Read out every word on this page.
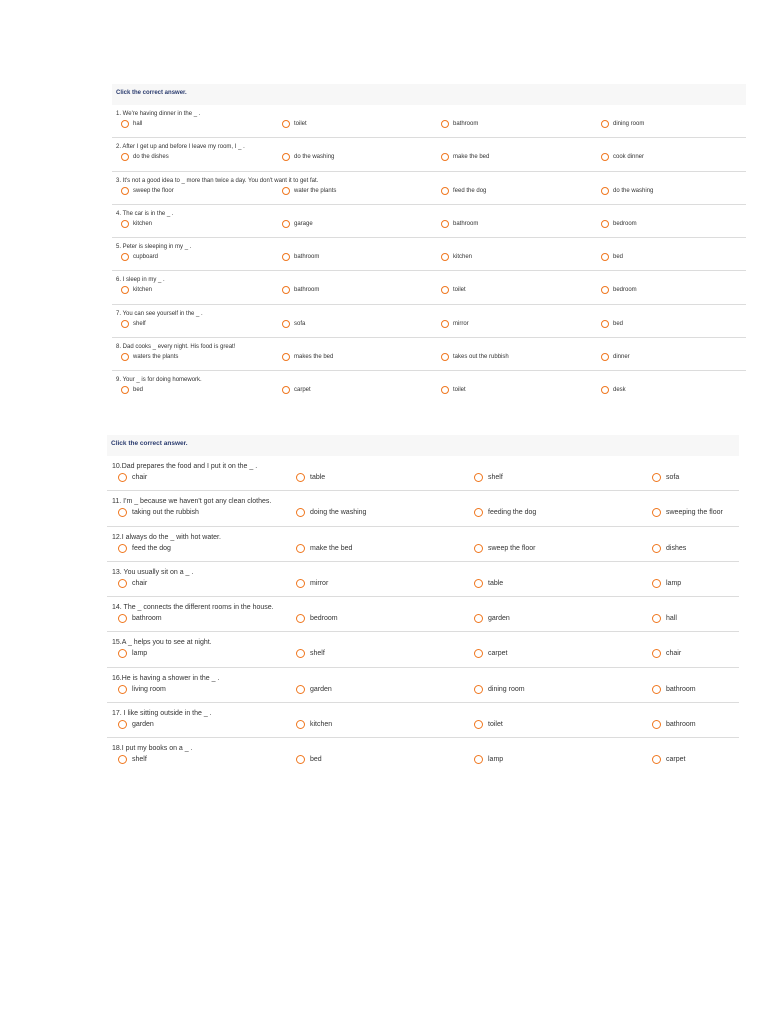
Click the correct answer.
1. We're having dinner in the _ .
hall	toilet	bathroom	dining room
2. After I get up and before I leave my room, I _ .
do the dishes	do the washing	make the bed	cook dinner
3. It's not a good idea to _ more than twice a day. You don't want it to get fat.
sweep the floor	water the plants	feed the dog	do the washing
4. The car is in the _ .
kitchen	garage	bathroom	bedroom
5. Peter is sleeping in my _ .
cupboard	bathroom	kitchen	bed
6. I sleep in my _ .
kitchen	bathroom	toilet	bedroom
7. You can see yourself in the _ .
shelf	sofa	mirror	bed
8. Dad cooks _ every night. His food is great!
waters the plants	makes the bed	takes out the rubbish	dinner
9. Your _ is for doing homework.
bed	carpet	toilet	desk
Click the correct answer.
10.Dad prepares the food and I put it on the _ .
chair	table	shelf	sofa
11. I'm _ because we haven't got any clean clothes.
taking out the rubbish	doing the washing	feeding the dog	sweeping the floor
12.I always do the _ with hot water.
feed the dog	make the bed	sweep the floor	dishes
13. You usually sit on a _ .
chair	mirror	table	lamp
14. The _ connects the different rooms in the house.
bathroom	bedroom	garden	hall
15.A _ helps you to see at night.
lamp	shelf	carpet	chair
16.He is having a shower in the _ .
living room	garden	dining room	bathroom
17. I like sitting outside in the _ .
garden	kitchen	toilet	bathroom
18.I put my books on a _ .
shelf	bed	lamp	carpet
